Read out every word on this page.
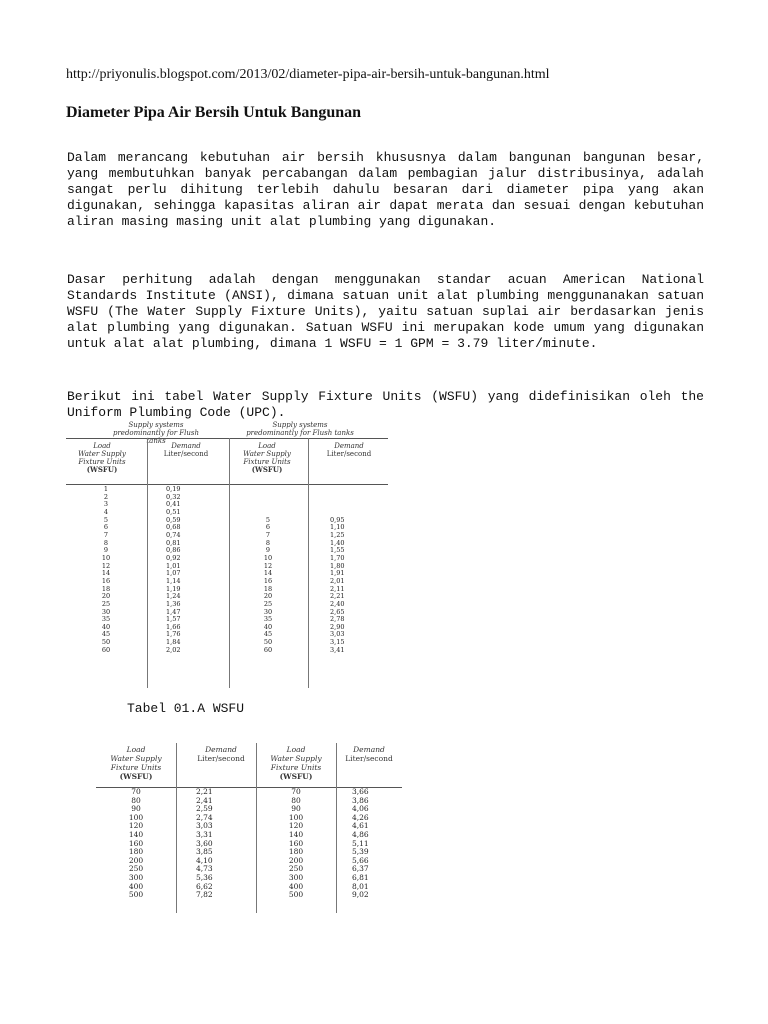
http://priyonulis.blogspot.com/2013/02/diameter-pipa-air-bersih-untuk-bangunan.html
Diameter Pipa Air Bersih Untuk Bangunan

Dalam merancang kebutuhan air bersih khususnya dalam bangunan bangunan besar, yang membutuhkan banyak percabangan dalam pembagian jalur distribusinya, adalah sangat perlu dihitung terlebih dahulu besaran dari diameter pipa yang akan digunakan, sehingga kapasitas aliran air dapat merata dan sesuai dengan kebutuhan aliran masing masing unit alat plumbing yang digunakan.

Dasar perhitung adalah dengan menggunakan standar acuan American National Standards Institute (ANSI), dimana satuan unit alat plumbing menggunanakan satuan WSFU (The Water Supply Fixture Units), yaitu satuan suplai air berdasarkan jenis alat plumbing yang digunakan. Satuan WSFU ini merupakan kode umum yang digunakan untuk alat alat plumbing, dimana 1 WSFU = 1 GPM = 3.79 liter/minute.

Berikut ini tabel Water Supply Fixture Units (WSFU) yang didefinisikan oleh the Uniform Plumbing Code (UPC).

Supply systems predominantly for Flush tanks
Supply systems predominantly for Flush tanks
Load
Water Supply
Fixture Units
(WSFU)
Demand
Liter/second
Load
Water Supply
Fixture Units
(WSFU)
Demand
Liter/second
1
2
3
4
5
6
7
8
9
10
12
14
16
18
20
25
30
35
40
45
50
60
0,19
0,32
0,41
0,51
0,59
0,68
0,74
0,81
0,86
0,92
1,01
1,07
1,14
1,19
1,24
1,36
1,47
1,57
1,66
1,76
1,84
2,02

5
6
7
8
9
10
12
14
16
18
20
25
30
35
40
45
50
60

0,95
1,10
1,25
1,40
1,55
1,70
1,80
1,91
2,01
2,11
2,21
2,40
2,65
2,78
2,90
3,03
3,15
3,41
Tabel 01.A WSFU
Load
Water Supply
Fixture Units
(WSFU)
Demand
Liter/second
Load
Water Supply
Fixture Units
(WSFU)
Demand
Liter/second
70
80
90
100
120
140
160
180
200
250
300
400
500
2,21
2,41
2,59
2,74
3,03
3,31
3,60
3,85
4,10
4,73
5,36
6,62
7,82
70
80
90
100
120
140
160
180
200
250
300
400
500
3,66
3,86
4,06
4,26
4,61
4,86
5,11
5,39
5,66
6,37
6,81
8,01
9,02
